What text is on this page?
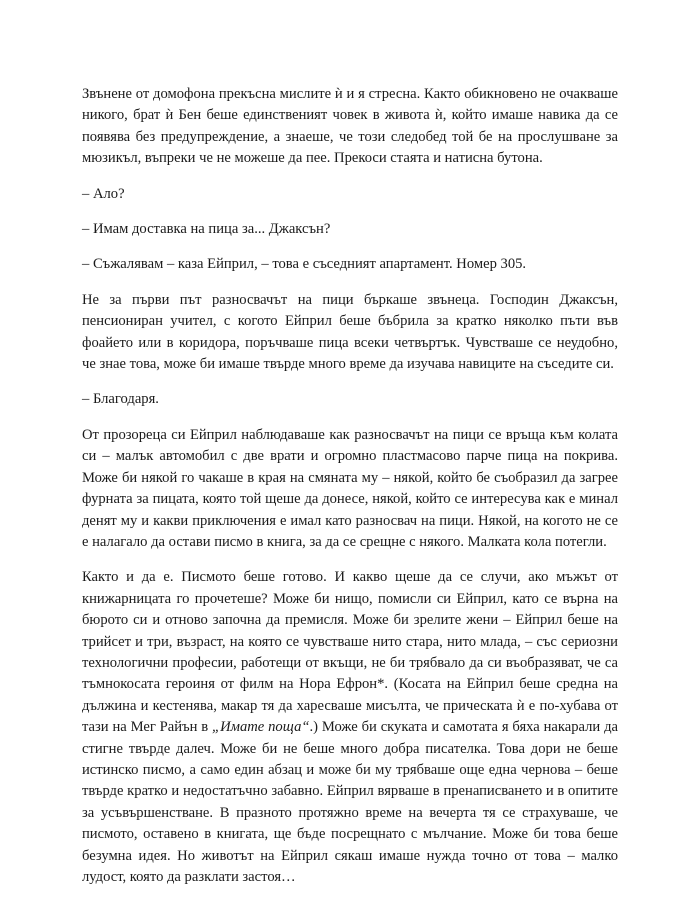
Звънене от домофона прекъсна мислите ѝ и я стресна. Както обикновено не очакваше никого, брат ѝ Бен беше единственият човек в живота ѝ, който имаше навика да се появява без предупреждение, а знаеше, че този следобед той бе на прослушване за мюзикъл, въпреки че не можеше да пее. Прекоси стаята и натисна бутона.

– Ало?

– Имам доставка на пица за... Джаксън?

– Съжалявам – каза Ейприл, – това е съседният апартамент. Номер 305.

Не за първи път разносвачът на пици бъркаше звънеца. Господин Джаксън, пенсиониран учител, с когото Ейприл беше бъбрила за кратко няколко пъти във фоайето или в коридора, поръчваше пица всеки четвъртък. Чувстваше се неудобно, че знае това, може би имаше твърде много време да изучава навиците на съседите си.

– Благодаря.

От прозореца си Ейприл наблюдаваше как разносвачът на пици се връща към колата си – малък автомобил с две врати и огромно пластмасово парче пица на покрива. Може би някой го чакаше в края на смяната му – някой, който бе съобразил да загрее фурната за пицата, която той щеше да донесе, някой, който се интересува как е минал денят му и какви приключения е имал като разносвач на пици. Някой, на когото не се е налагало да остави писмо в книга, за да се срещне с някого. Малката кола потегли.

Както и да е. Писмото беше готово. И какво щеше да се случи, ако мъжът от книжарницата го прочетеше? Може би нищо, помисли си Ейприл, като се върна на бюрото си и отново започна да премисля. Може би зрелите жени – Ейприл беше на трийсет и три, възраст, на която се чувстваше нито стара, нито млада, – със сериозни технологични професии, работещи от вкъщи, не би трябвало да си въобразяват, че са тъмнокосата героиня от филм на Нора Ефрон*. (Косата на Ейприл беше средна на дължина и кестенява, макар тя да харесваше мисълта, че прическата ѝ е по-хубава от тази на Мег Райън в „Имате поща“.) Може би скуката и самотата я бяха накарали да стигне твърде далеч. Може би не беше много добра писателка. Това дори не беше истинско писмо, а само един абзац и може би му трябваше още една чернова – беше твърде кратко и недостатъчно забавно. Ейприл вярваше в пренаписването и в опитите за усъвършенстване. В празното протяжно време на вечерта тя се страхуваше, че писмото, оставено в книгата, ще бъде посрещнато с мълчание. Може би това беше безумна идея. Но животът на Ейприл сякаш имаше нужда точно от това – малко лудост, която да разклати застоя…
